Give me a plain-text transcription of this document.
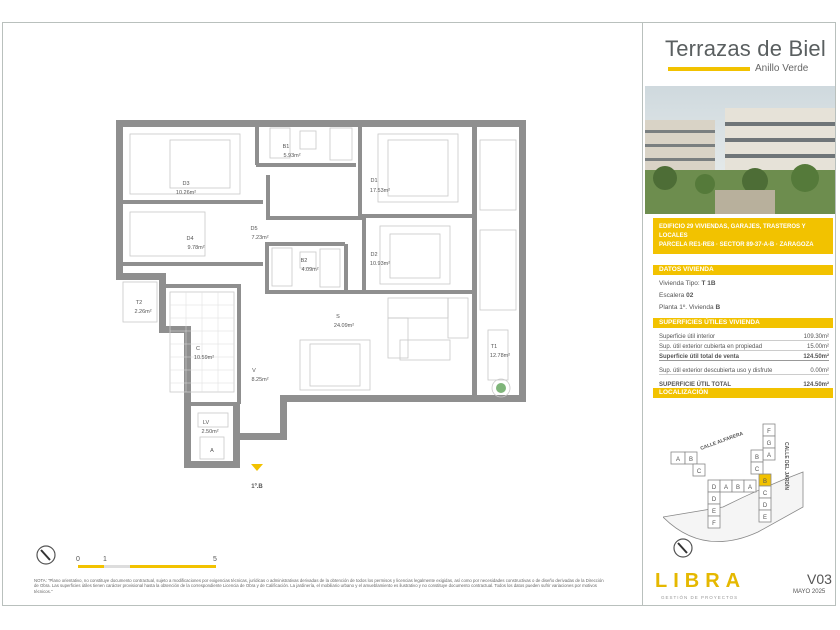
D3
10.26m²
B1
5.93m²
D1
17.53m²
D5
7.23m²
D4
9.78m²
B2
4.09m²
D2
10.93m²
T2
2.26m²
S
24.09m²
T1
12.78m²
C
10.59m²
V
8.25m²
LV
2.50m²
A
1º.B
0	1	5
NOTA: "Plano orientativo, no constituye documento contractual, sujeto a modificaciones por exigencias técnicas, jurídicas o administrativas derivadas de la obtención de todos los permisos y licencias legalmente exigidas, así como por necesidades constructivas o de diseño derivadas de la Dirección de Obra. Las superficies útiles tienen carácter provisional hasta la obtención de la correspondiente Licencia de Obra y de Calificación. La jardinería, el mobiliario urbano y el amueblamiento es ilustrativo y no constituye documento contractual. Todos los datos pueden sufrir variaciones por motivos técnicos."
Terrazas de Biel
Anillo Verde
EDIFICIO 29 VIVIENDAS, GARAJES, TRASTEROS Y LOCALES
PARCELA RE1-RE8 · SECTOR 89-37-A-B · ZARAGOZA
DATOS VIVIENDA
Vivienda Tipo: T 1B
Escalera 02
Planta 1º. Vivienda B
SUPERFICIES ÚTILES VIVIENDA
Superficie útil interior	109.30m²
Sup. útil exterior cubierta en propiedad	15.00m²
Superficie útil total de venta	124.50m²
Sup. útil exterior descubierta uso y disfrute	0.00m²
SUPERFICIE ÚTIL TOTAL	124.50m²
LOCALIZACIÓN
A B
C
D A B A
B
C
D
E
F
G
A
B
C
D
E
F
CALLE ALFARERA
CALLE DEL JARDÍN
LIBRA
GESTIÓN DE PROYECTOS
V03
MAYO 2025
